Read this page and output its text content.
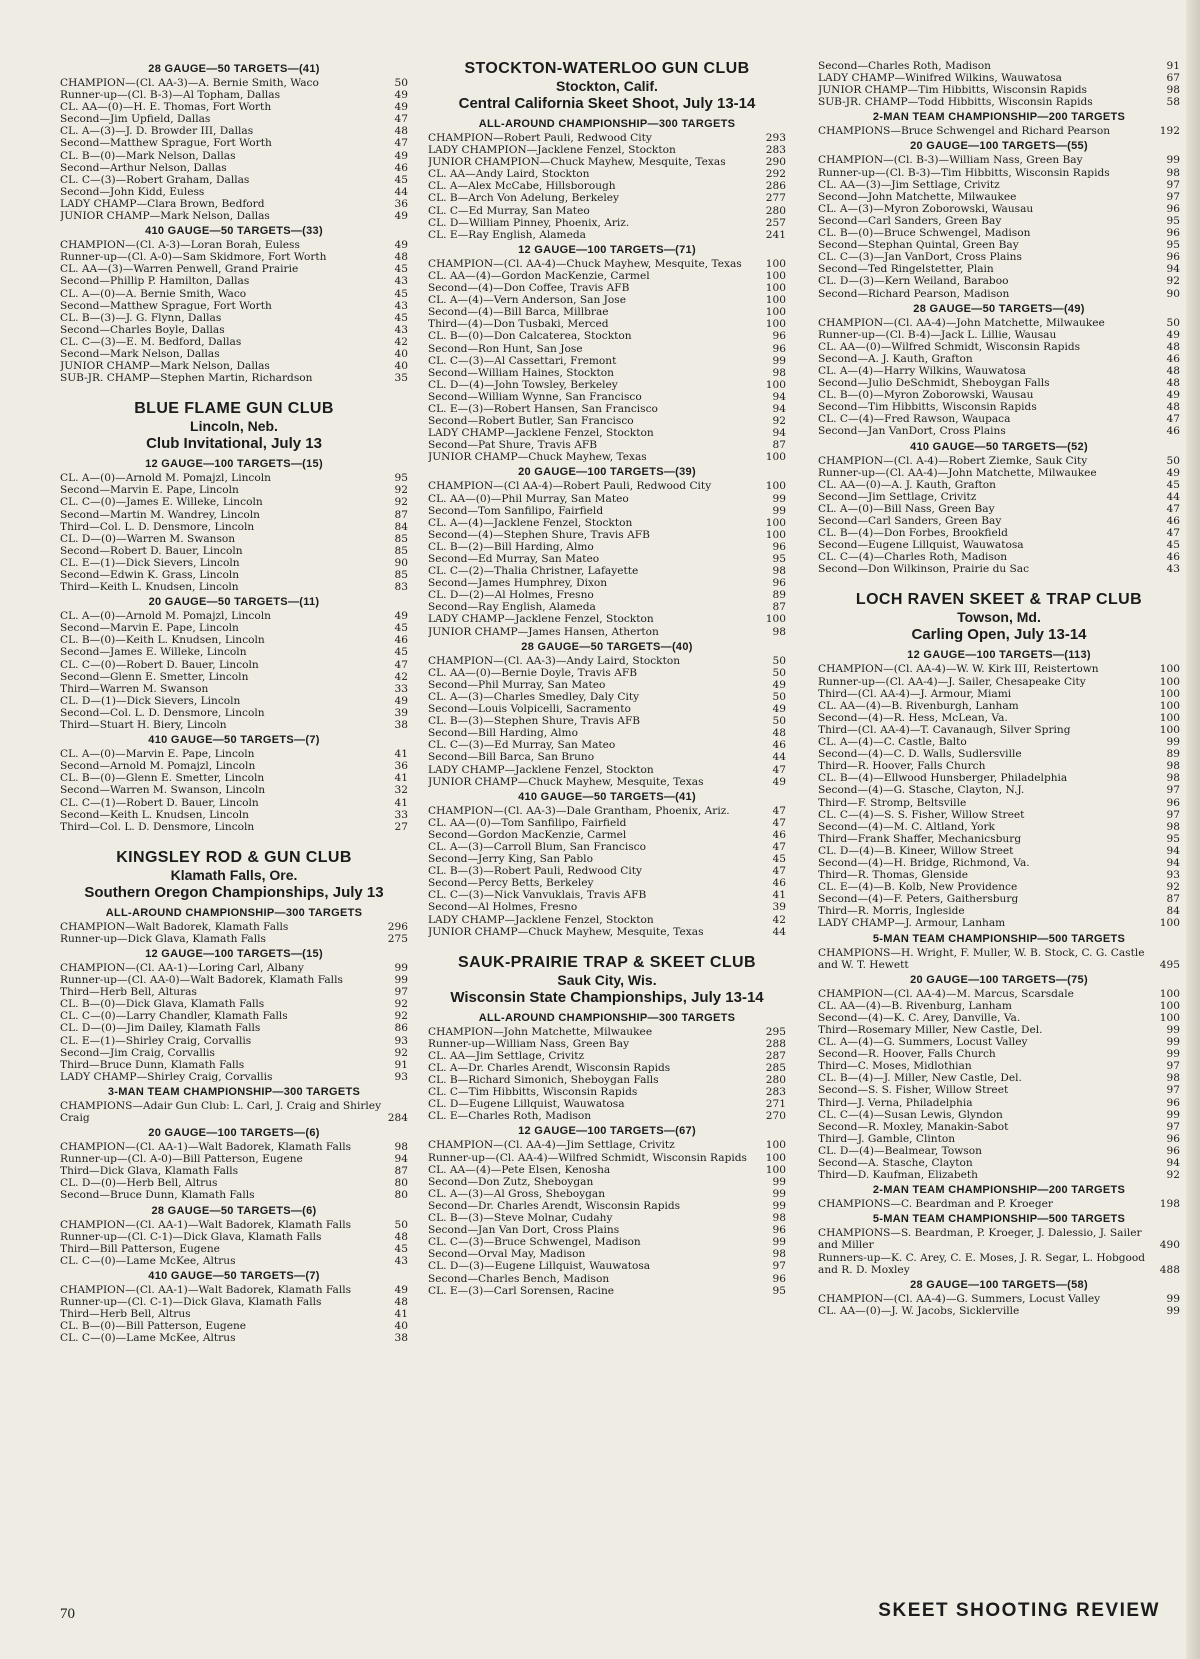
28 GAUGE—50 TARGETS—(41)
CHAMPION—(Cl. AA-3)—A. Bernie Smith, Waco	50
Runner-up—(Cl. B-3)—Al Topham, Dallas	49
CL. AA—(0)—H. E. Thomas, Fort Worth	49
Second—Jim Upfield, Dallas	47
CL. A—(3)—J. D. Browder III, Dallas	48
Second—Matthew Sprague, Fort Worth	47
CL. B—(0)—Mark Nelson, Dallas	49
Second—Arthur Nelson, Dallas	46
CL. C—(3)—Robert Graham, Dallas	45
Second—John Kidd, Euless	44
LADY CHAMP—Clara Brown, Bedford	36
JUNIOR CHAMP—Mark Nelson, Dallas	49
410 GAUGE—50 TARGETS—(33)
CHAMPION—(Cl. A-3)—Loran Borah, Euless	49
Runner-up—(Cl. A-0)—Sam Skidmore, Fort Worth	48
CL. AA—(3)—Warren Penwell, Grand Prairie	45
Second—Phillip P. Hamilton, Dallas	43
CL. A—(0)—A. Bernie Smith, Waco	45
Second—Matthew Sprague, Fort Worth	43
CL. B—(3)—J. G. Flynn, Dallas	45
Second—Charles Boyle, Dallas	43
CL. C—(3)—E. M. Bedford, Dallas	42
Second—Mark Nelson, Dallas	40
JUNIOR CHAMP—Mark Nelson, Dallas	40
SUB-JR. CHAMP—Stephen Martin, Richardson	35
BLUE FLAME GUN CLUB
Lincoln, Neb.
Club Invitational, July 13
12 GAUGE—100 TARGETS—(15)
CL. A—(0)—Arnold M. Pomajzl, Lincoln	95
Second—Marvin E. Pape, Lincoln	92
CL. C—(0)—James E. Willeke, Lincoln	92
Second—Martin M. Wandrey, Lincoln	87
Third—Col. L. D. Densmore, Lincoln	84
CL. D—(0)—Warren M. Swanson	85
Second—Robert D. Bauer, Lincoln	85
CL. E—(1)—Dick Sievers, Lincoln	90
Second—Edwin K. Grass, Lincoln	85
Third—Keith L. Knudsen, Lincoln	83
20 GAUGE—50 TARGETS—(11)
CL. A—(0)—Arnold M. Pomajzl, Lincoln	49
Second—Marvin E. Pape, Lincoln	45
CL. B—(0)—Keith L. Knudsen, Lincoln	46
Second—James E. Willeke, Lincoln	45
CL. C—(0)—Robert D. Bauer, Lincoln	47
Second—Glenn E. Smetter, Lincoln	42
Third—Warren M. Swanson	33
CL. D—(1)—Dick Sievers, Lincoln	49
Second—Col. L. D. Densmore, Lincoln	39
Third—Stuart H. Biery, Lincoln	38
410 GAUGE—50 TARGETS—(7)
CL. A—(0)—Marvin E. Pape, Lincoln	41
Second—Arnold M. Pomajzl, Lincoln	36
CL. B—(0)—Glenn E. Smetter, Lincoln	41
Second—Warren M. Swanson, Lincoln	32
CL. C—(1)—Robert D. Bauer, Lincoln	41
Second—Keith L. Knudsen, Lincoln	33
Third—Col. L. D. Densmore, Lincoln	27
KINGSLEY ROD & GUN CLUB
Klamath Falls, Ore.
Southern Oregon Championships, July 13
ALL-AROUND CHAMPIONSHIP—300 TARGETS
CHAMPION—Walt Badorek, Klamath Falls	296
Runner-up—Dick Glava, Klamath Falls	275
12 GAUGE—100 TARGETS—(15)
CHAMPION—(Cl. AA-1)—Loring Carl, Albany	99
Runner-up—(Cl. AA-0)—Walt Badorek, Klamath Falls	99
Third—Herb Bell, Alturas	97
CL. B—(0)—Dick Glava, Klamath Falls	92
CL. C—(0)—Larry Chandler, Klamath Falls	92
CL. D—(0)—Jim Dailey, Klamath Falls	86
CL. E—(1)—Shirley Craig, Corvallis	93
Second—Jim Craig, Corvallis	92
Third—Bruce Dunn, Klamath Falls	91
LADY CHAMP—Shirley Craig, Corvallis	93
3-MAN TEAM CHAMPIONSHIP—300 TARGETS
CHAMPIONS—Adair Gun Club: L. Carl, J. Craig and Shirley Craig	284
20 GAUGE—100 TARGETS—(6)
CHAMPION—(Cl. AA-1)—Walt Badorek, Klamath Falls	98
Runner-up—(Cl. A-0)—Bill Patterson, Eugene	94
Third—Dick Glava, Klamath Falls	87
CL. D—(0)—Herb Bell, Altrus	80
Second—Bruce Dunn, Klamath Falls	80
28 GAUGE—50 TARGETS—(6)
CHAMPION—(Cl. AA-1)—Walt Badorek, Klamath Falls	50
Runner-up—(Cl. C-1)—Dick Glava, Klamath Falls	48
Third—Bill Patterson, Eugene	45
CL. C—(0)—Lame McKee, Altrus	43
410 GAUGE—50 TARGETS—(7)
CHAMPION—(Cl. AA-1)—Walt Badorek, Klamath Falls	49
Runner-up—(Cl. C-1)—Dick Glava, Klamath Falls	48
Third—Herb Bell, Altrus	41
CL. B—(0)—Bill Patterson, Eugene	40
CL. C—(0)—Lame McKee, Altrus	38
STOCKTON-WATERLOO GUN CLUB
Stockton, Calif.
Central California Skeet Shoot, July 13-14
ALL-AROUND CHAMPIONSHIP—300 TARGETS
CHAMPION—Robert Pauli, Redwood City	293
LADY CHAMPION—Jacklene Fenzel, Stockton	283
JUNIOR CHAMPION—Chuck Mayhew, Mesquite, Texas	290
CL. AA—Andy Laird, Stockton	292
CL. A—Alex McCabe, Hillsborough	286
CL. B—Arch Von Adelung, Berkeley	277
CL. C—Ed Murray, San Mateo	280
CL. D—William Pinney, Phoenix, Ariz.	257
CL. E—Ray English, Alameda	241
12 GAUGE—100 TARGETS—(71)
CHAMPION—(Cl. AA-4)—Chuck Mayhew, Mesquite, Texas	100
CL. AA—(4)—Gordon MacKenzie, Carmel	100
Second—(4)—Don Coffee, Travis AFB	100
CL. A—(4)—Vern Anderson, San Jose	100
Second—(4)—Bill Barca, Millbrae	100
Third—(4)—Don Tusbaki, Merced	100
CL. B—(0)—Don Calcaterea, Stockton	96
Second—Ron Hunt, San Jose	96
CL. C—(3)—Al Cassettari, Fremont	99
Second—William Haines, Stockton	98
CL. D—(4)—John Towsley, Berkeley	100
Second—William Wynne, San Francisco	94
CL. E—(3)—Robert Hansen, San Francisco	94
Second—Robert Butler, San Francisco	92
LADY CHAMP—Jacklene Fenzel, Stockton	94
Second—Pat Shure, Travis AFB	87
JUNIOR CHAMP—Chuck Mayhew, Texas	100
20 GAUGE—100 TARGETS—(39)
CHAMPION—(Cl AA-4)—Robert Pauli, Redwood City	100
CL. AA—(0)—Phil Murray, San Mateo	99
Second—Tom Sanfilipo, Fairfield	99
CL. A—(4)—Jacklene Fenzel, Stockton	100
Second—(4)—Stephen Shure, Travis AFB	100
CL. B—(2)—Bill Harding, Almo	96
Second—Ed Murray, San Mateo	95
CL. C—(2)—Thalia Christner, Lafayette	98
Second—James Humphrey, Dixon	96
CL. D—(2)—Al Holmes, Fresno	89
Second—Ray English, Alameda	87
LADY CHAMP—Jacklene Fenzel, Stockton	100
JUNIOR CHAMP—James Hansen, Atherton	98
28 GAUGE—50 TARGETS—(40)
CHAMPION—(Cl. AA-3)—Andy Laird, Stockton	50
CL. AA—(0)—Bernie Doyle, Travis AFB	50
Second—Phil Murray, San Mateo	49
CL. A—(3)—Charles Smedley, Daly City	50
Second—Louis Volpicelli, Sacramento	49
CL. B—(3)—Stephen Shure, Travis AFB	50
Second—Bill Harding, Almo	48
CL. C—(3)—Ed Murray, San Mateo	46
Second—Bill Barca, San Bruno	44
LADY CHAMP—Jacklene Fenzel, Stockton	47
JUNIOR CHAMP—Chuck Mayhew, Mesquite, Texas	49
410 GAUGE—50 TARGETS—(41)
CHAMPION—(Cl. AA-3)—Dale Grantham, Phoenix, Ariz.	47
CL. AA—(0)—Tom Sanfilipo, Fairfield	47
Second—Gordon MacKenzie, Carmel	46
CL. A—(3)—Carroll Blum, San Francisco	47
Second—Jerry King, San Pablo	45
CL. B—(3)—Robert Pauli, Redwood City	47
Second—Percy Betts, Berkeley	46
CL. C—(3)—Nick Vanvuklais, Travis AFB	41
Second—Al Holmes, Fresno	39
LADY CHAMP—Jacklene Fenzel, Stockton	42
JUNIOR CHAMP—Chuck Mayhew, Mesquite, Texas	44
SAUK-PRAIRIE TRAP & SKEET CLUB
Sauk City, Wis.
Wisconsin State Championships, July 13-14
ALL-AROUND CHAMPIONSHIP—300 TARGETS
CHAMPION—John Matchette, Milwaukee	295
Runner-up—William Nass, Green Bay	288
CL. AA—Jim Settlage, Crivitz	287
CL. A—Dr. Charles Arendt, Wisconsin Rapids	285
CL. B—Richard Simonich, Sheboygan Falls	280
CL. C—Tim Hibbitts, Wisconsin Rapids	283
CL. D—Eugene Lillquist, Wauwatosa	271
CL. E—Charles Roth, Madison	270
12 GAUGE—100 TARGETS—(67)
CHAMPION—(Cl. AA-4)—Jim Settlage, Crivitz	100
Runner-up—(Cl. AA-4)—Wilfred Schmidt, Wisconsin Rapids	100
CL. AA—(4)—Pete Elsen, Kenosha	100
Second—Don Zutz, Sheboygan	99
CL. A—(3)—Al Gross, Sheboygan	99
Second—Dr. Charles Arendt, Wisconsin Rapids	99
CL. B—(3)—Steve Molnar, Cudahy	98
Second—Jan Van Dort, Cross Plains	96
CL. C—(3)—Bruce Schwengel, Madison	99
Second—Orval May, Madison	98
CL. D—(3)—Eugene Lillquist, Wauwatosa	97
Second—Charles Bench, Madison	96
CL. E—(3)—Carl Sorensen, Racine	95
Second—Charles Roth, Madison	91
LADY CHAMP—Winifred Wilkins, Wauwatosa	67
JUNIOR CHAMP—Tim Hibbitts, Wisconsin Rapids	98
SUB-JR. CHAMP—Todd Hibbitts, Wisconsin Rapids	58
2-MAN TEAM CHAMPIONSHIP—200 TARGETS
CHAMPIONS—Bruce Schwengel and Richard Pearson	192
20 GAUGE—100 TARGETS—(55)
CHAMPION—(Cl. B-3)—William Nass, Green Bay	99
Runner-up—(Cl. B-3)—Tim Hibbitts, Wisconsin Rapids	98
CL. AA—(3)—Jim Settlage, Crivitz	97
Second—John Matchette, Milwaukee	97
CL. A—(3)—Myron Zoborowski, Wausau	96
Second—Carl Sanders, Green Bay	95
CL. B—(0)—Bruce Schwengel, Madison	96
Second—Stephan Quintal, Green Bay	95
CL. C—(3)—Jan VanDort, Cross Plains	96
Second—Ted Ringelstetter, Plain	94
CL. D—(3)—Kern Weiland, Baraboo	92
Second—Richard Pearson, Madison	90
28 GAUGE—50 TARGETS—(49)
CHAMPION—(Cl. AA-4)—John Matchette, Milwaukee	50
Runner-up—(Cl. B-4)—Jack L. Lillie, Wausau	49
CL. AA—(0)—Wilfred Schmidt, Wisconsin Rapids	48
Second—A. J. Kauth, Grafton	46
CL. A—(4)—Harry Wilkins, Wauwatosa	48
Second—Julio DeSchmidt, Sheboygan Falls	48
CL. B—(0)—Myron Zoborowski, Wausau	49
Second—Tim Hibbitts, Wisconsin Rapids	48
CL. C—(4)—Fred Rawson, Waupaca	47
Second—Jan VanDort, Cross Plains	46
410 GAUGE—50 TARGETS—(52)
CHAMPION—(Cl. A-4)—Robert Ziemke, Sauk City	50
Runner-up—(Cl. AA-4)—John Matchette, Milwaukee	49
CL. AA—(0)—A. J. Kauth, Grafton	45
Second—Jim Settlage, Crivitz	44
CL. A—(0)—Bill Nass, Green Bay	47
Second—Carl Sanders, Green Bay	46
CL. B—(4)—Don Forbes, Brookfield	47
Second—Eugene Lillquist, Wauwatosa	45
CL. C—(4)—Charles Roth, Madison	46
Second—Don Wilkinson, Prairie du Sac	43
LOCH RAVEN SKEET & TRAP CLUB
Towson, Md.
Carling Open, July 13-14
12 GAUGE—100 TARGETS—(113)
CHAMPION—(Cl. AA-4)—W. W. Kirk III, Reistertown	100
Runner-up—(Cl. AA-4)—J. Sailer, Chesapeake City	100
Third—(Cl. AA-4)—J. Armour, Miami	100
CL. AA—(4)—B. Rivenburgh, Lanham	100
Second—(4)—R. Hess, McLean, Va.	100
Third—(Cl. AA-4)—T. Cavanaugh, Silver Spring	100
CL. A—(4)—C. Castle, Balto	99
Second—(4)—C. D. Walls, Sudlersville	89
Third—R. Hoover, Falls Church	98
CL. B—(4)—Ellwood Hunsberger, Philadelphia	98
Second—(4)—G. Stasche, Clayton, N.J.	97
Third—F. Stromp, Beltsville	96
CL. C—(4)—S. S. Fisher, Willow Street	97
Second—(4)—M. C. Altland, York	98
Third—Frank Shaffer, Mechanicsburg	95
CL. D—(4)—B. Kineer, Willow Street	94
Second—(4)—H. Bridge, Richmond, Va.	94
Third—R. Thomas, Glenside	93
CL. E—(4)—B. Kolb, New Providence	92
Second—(4)—F. Peters, Gaithersburg	87
Third—R. Morris, Ingleside	84
LADY CHAMP—J. Armour, Lanham	100
5-MAN TEAM CHAMPIONSHIP—500 TARGETS
CHAMPIONS—H. Wright, F. Muller, W. B. Stock, C. G. Castle and W. T. Hewett	495
20 GAUGE—100 TARGETS—(75)
CHAMPION—(Cl. AA-4)—M. Marcus, Scarsdale	100
CL. AA—(4)—B. Rivenburg, Lanham	100
Second—(4)—K. C. Arey, Danville, Va.	100
Third—Rosemary Miller, New Castle, Del.	99
CL. A—(4)—G. Summers, Locust Valley	99
Second—R. Hoover, Falls Church	99
Third—C. Moses, Midlothian	97
CL. B—(4)—J. Miller, New Castle, Del.	98
Second—S. S. Fisher, Willow Street	97
Third—J. Verna, Philadelphia	96
CL. C—(4)—Susan Lewis, Glyndon	99
Second—R. Moxley, Manakin-Sabot	97
Third—J. Gamble, Clinton	96
CL. D—(4)—Bealmear, Towson	96
Second—A. Stasche, Clayton	94
Third—D. Kaufman, Elizabeth	92
2-MAN TEAM CHAMPIONSHIP—200 TARGETS
CHAMPIONS—C. Beardman and P. Kroeger	198
5-MAN TEAM CHAMPIONSHIP—500 TARGETS
CHAMPIONS—S. Beardman, P. Kroeger, J. Dalessio, J. Sailer and Miller	490
Runners-up—K. C. Arey, C. E. Moses, J. R. Segar, L. Hobgood and R. D. Moxley	488
28 GAUGE—100 TARGETS—(58)
CHAMPION—(Cl. AA-4)—G. Summers, Locust Valley	99
CL. AA—(0)—J. W. Jacobs, Sicklerville	99
70	SKEET SHOOTING REVIEW
